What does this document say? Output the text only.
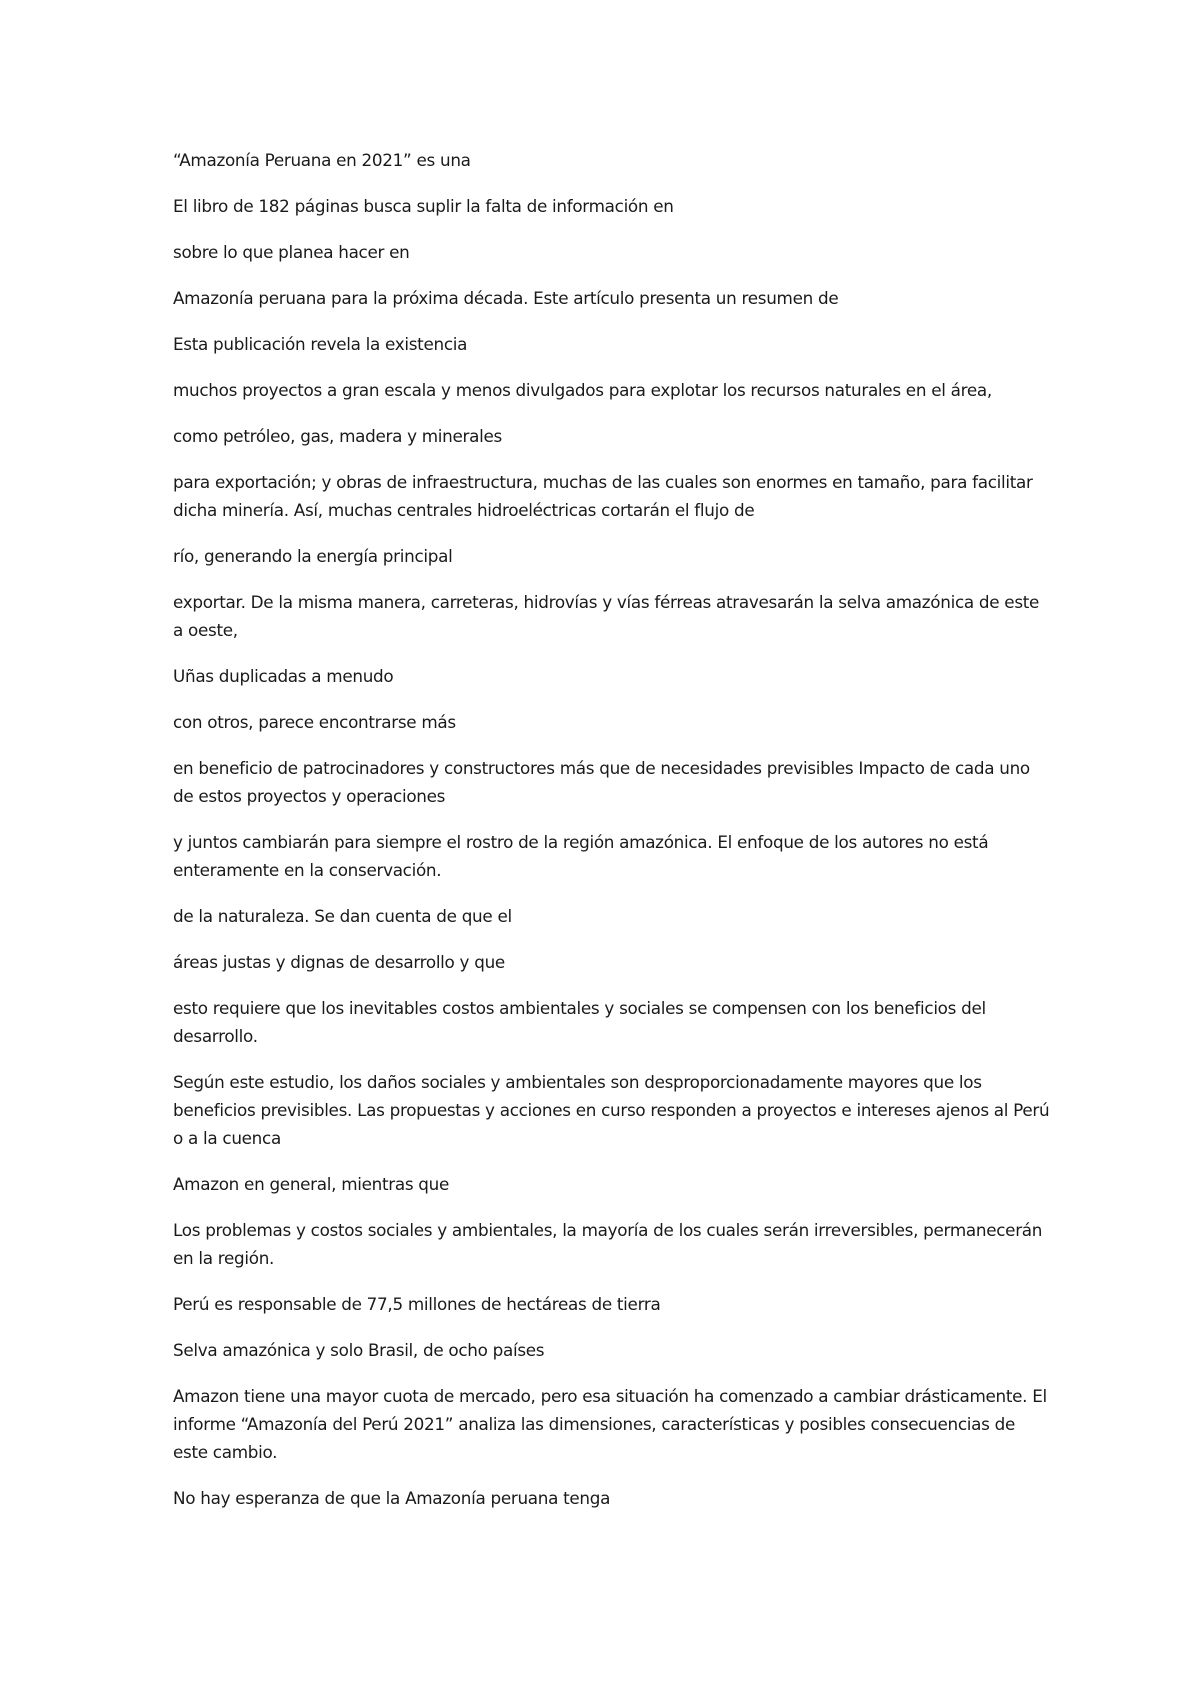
“Amazonía Peruana en 2021” es una

El libro de 182 páginas busca suplir la falta de información en

sobre lo que planea hacer en

Amazonía peruana para la próxima década. Este artículo presenta un resumen de

Esta publicación revela la existencia

muchos proyectos a gran escala y menos divulgados para explotar los recursos naturales en el área,

como petróleo, gas, madera y minerales

para exportación; y obras de infraestructura, muchas de las cuales son enormes en tamaño, para facilitar dicha minería. Así, muchas centrales hidroeléctricas cortarán el flujo de

río, generando la energía principal

exportar. De la misma manera, carreteras, hidrovías y vías férreas atravesarán la selva amazónica de este a oeste,

Uñas duplicadas a menudo

con otros, parece encontrarse más

en beneficio de patrocinadores y constructores más que de necesidades previsibles Impacto de cada uno de estos proyectos y operaciones

y juntos cambiarán para siempre el rostro de la región amazónica. El enfoque de los autores no está enteramente en la conservación.

de la naturaleza. Se dan cuenta de que el

áreas justas y dignas de desarrollo y que

esto requiere que los inevitables costos ambientales y sociales se compensen con los beneficios del desarrollo.

Según este estudio, los daños sociales y ambientales son desproporcionadamente mayores que los beneficios previsibles. Las propuestas y acciones en curso responden a proyectos e intereses ajenos al Perú o a la cuenca

Amazon en general, mientras que

Los problemas y costos sociales y ambientales, la mayoría de los cuales serán irreversibles, permanecerán en la región.

Perú es responsable de 77,5 millones de hectáreas de tierra

Selva amazónica y solo Brasil, de ocho países

Amazon tiene una mayor cuota de mercado, pero esa situación ha comenzado a cambiar drásticamente. El informe “Amazonía del Perú 2021” analiza las dimensiones, características y posibles consecuencias de este cambio.

No hay esperanza de que la Amazonía peruana tenga
